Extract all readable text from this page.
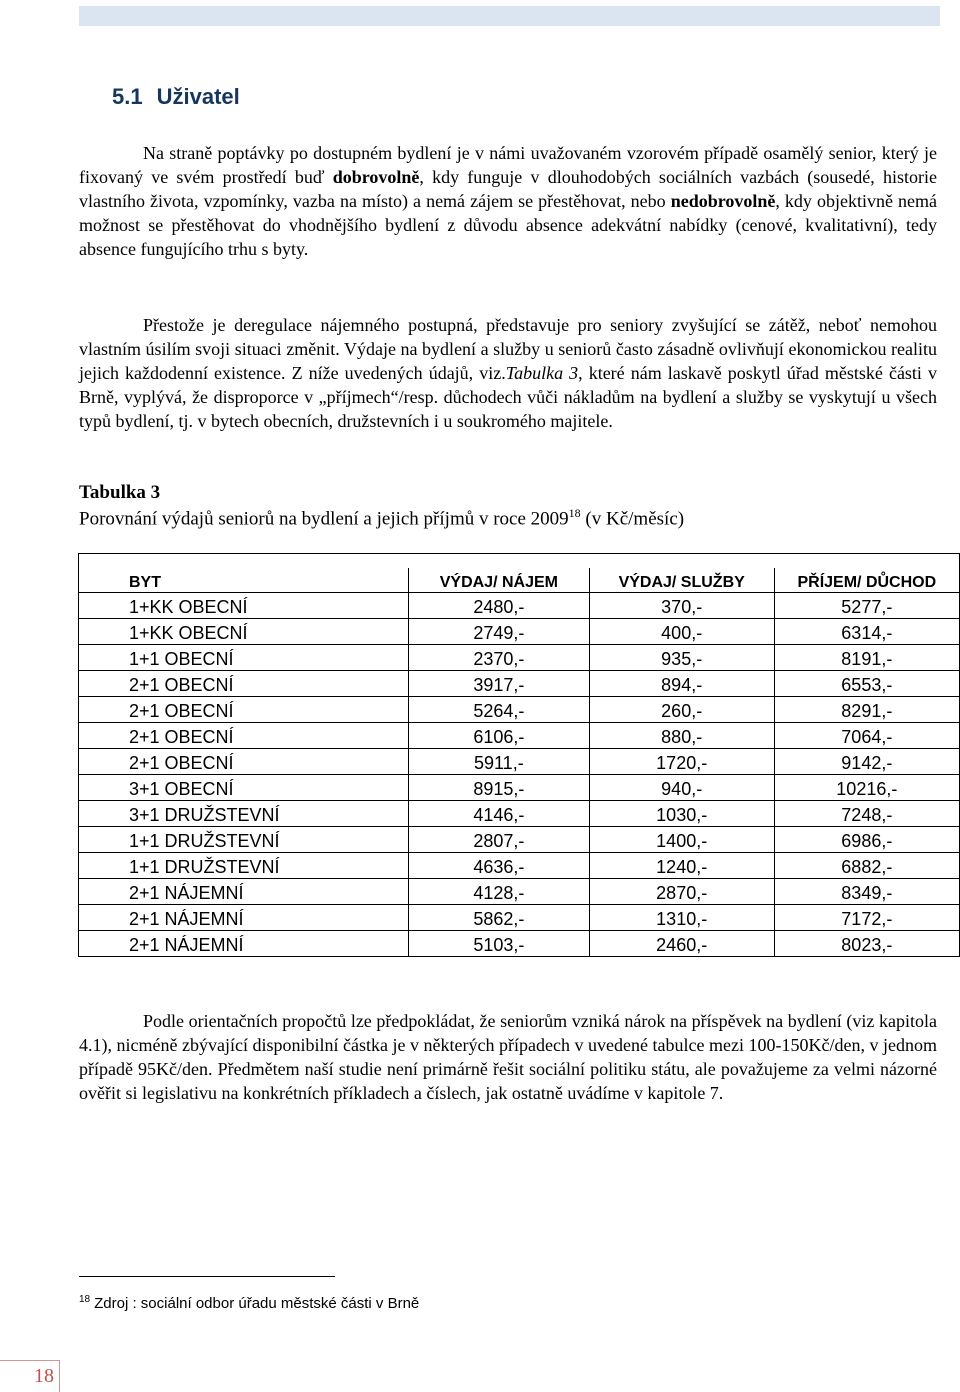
5.1 Uživatel

Na straně poptávky po dostupném bydlení je v námi uvažovaném vzorovém případě osamělý senior, který je fixovaný ve svém prostředí buď dobrovolně, kdy funguje v dlouhodobých sociálních vazbách (sousedé, historie vlastního života, vzpomínky, vazba na místo) a nemá zájem se přestěhovat, nebo nedobrovolně, kdy objektivně nemá možnost se přestěhovat do vhodnějšího bydlení z důvodu absence adekvátní nabídky (cenové, kvalitativní), tedy absence fungujícího trhu s byty.

Přestože je deregulace nájemného postupná, představuje pro seniory zvyšující se zátěž, neboť nemohou vlastním úsilím svoji situaci změnit. Výdaje na bydlení a služby u seniorů často zásadně ovlivňují ekonomickou realitu jejich každodenní existence. Z níže uvedených údajů, viz.Tabulka 3, které nám laskavě poskytl úřad městské části v Brně, vyplývá, že disproporce v „příjmech“/resp. důchodech vůči nákladům na bydlení a služby se vyskytují u všech typů bydlení, tj. v bytech obecních, družstevních i u soukromého majitele.

Tabulka 3

Porovnání výdajů seniorů na bydlení a jejich příjmů v roce 2009$^{18}$ (v Kč/měsíc)

BYT	VÝDAJ/ NÁJEM	VÝDAJ/ SLUŽBY	PŘÍJEM/ DŮCHOD
1+KK OBECNÍ	2480,-	370,-	5277,-
1+KK OBECNÍ	2749,-	400,-	6314,-
1+1 OBECNÍ	2370,-	935,-	8191,-
2+1 OBECNÍ	3917,-	894,-	6553,-
2+1 OBECNÍ	5264,-	260,-	8291,-
2+1 OBECNÍ	6106,-	880,-	7064,-
2+1 OBECNÍ	5911,-	1720,-	9142,-
3+1 OBECNÍ	8915,-	940,-	10216,-
3+1 DRUŽSTEVNÍ	4146,-	1030,-	7248,-
1+1 DRUŽSTEVNÍ	2807,-	1400,-	6986,-
1+1 DRUŽSTEVNÍ	4636,-	1240,-	6882,-
2+1 NÁJEMNÍ	4128,-	2870,-	8349,-
2+1 NÁJEMNÍ	5862,-	1310,-	7172,-
2+1 NÁJEMNÍ	5103,-	2460,-	8023,-

Podle orientačních propočtů lze předpokládat, že seniorům vzniká nárok na příspěvek na bydlení (viz kapitola 4.1), nicméně zbývající disponibilní částka je v některých případech v uvedené tabulce mezi 100-150Kč/den, v jednom případě 95Kč/den. Předmětem naší studie není primárně řešit sociální politiku státu, ale považujeme za velmi názorné ověřit si legislativu na konkrétních příkladech a číslech, jak ostatně uvádíme v kapitole 7.

$^{18}$ Zdroj : sociální odbor úřadu městské části v Brně

18
